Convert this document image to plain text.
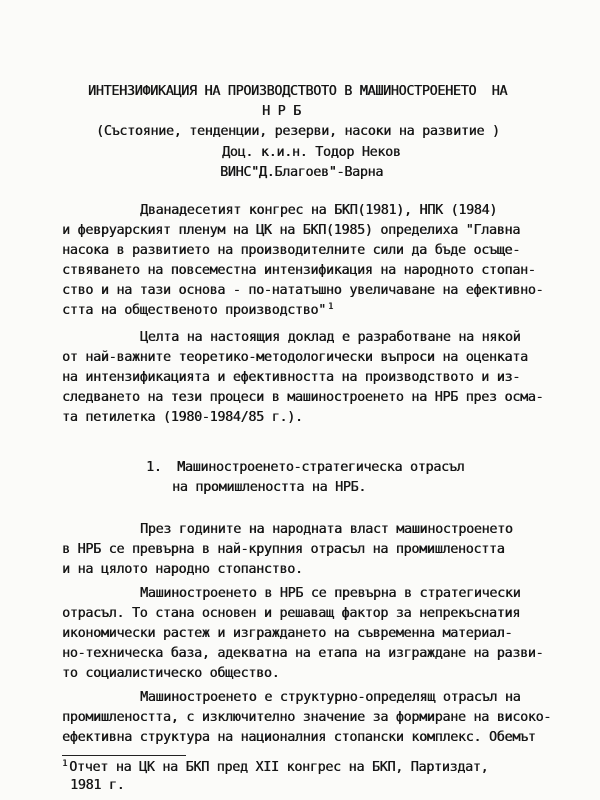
ИНТЕНЗИФИКАЦИЯ НА ПРОИЗВОДСТВОТО В МАШИНОСТРОЕНЕТО  НА
Н Р Б
(Състояние, тенденции, резерви, насоки на развитие )
Доц. к.и.н. Тодор Неков
ВИНС"Д.Благоев"-Варна
Дванадесетият конгрес на БКП(1981), НПК (1984)
и февруарският пленум на ЦК на БКП(1985) определиха "Главна
насока в развитието на производителните сили да бъде осъще-
ствяването на повсеместна интензификация на народното стопан-
ство и на тази основа - по-нататъшно увеличаване на ефективно-
стта на общественото производство" $^1$
Целта на настоящия доклад е разработване на някой
от най-важните теоретико-методологически въпроси на оценката
на интензификацията и ефективността на производството и из-
следването на тези процеси в машиностроенето на НРБ през осма-
та петилетка (1980-1984/85 г.).
1.  Машиностроенето-стратегическа отрасъл
на промишлеността на НРБ.
През годините на народната власт машиностроенето
в НРБ се превърна в най-крупния отрасъл на промишлеността
и на цялото народно стопанство.
Машиностроенето в НРБ се превърна в стратегически
отрасъл. То стана основен и решаващ фактор за непрекъснатия
икономически растеж и изграждането на съвременна материал-
но-техническа база, адекватна на етапа на изграждане на разви-
то социалистическо общество.
Машиностроенето е структурно-определящ отрасъл на
промишлеността, с изключително значение за формиране на високо-
ефективна структура на националния стопански комплекс. Обемът
$^1$ Отчет на ЦК на БКП пред XII конгрес на БКП, Партиздат,
1981 г.
